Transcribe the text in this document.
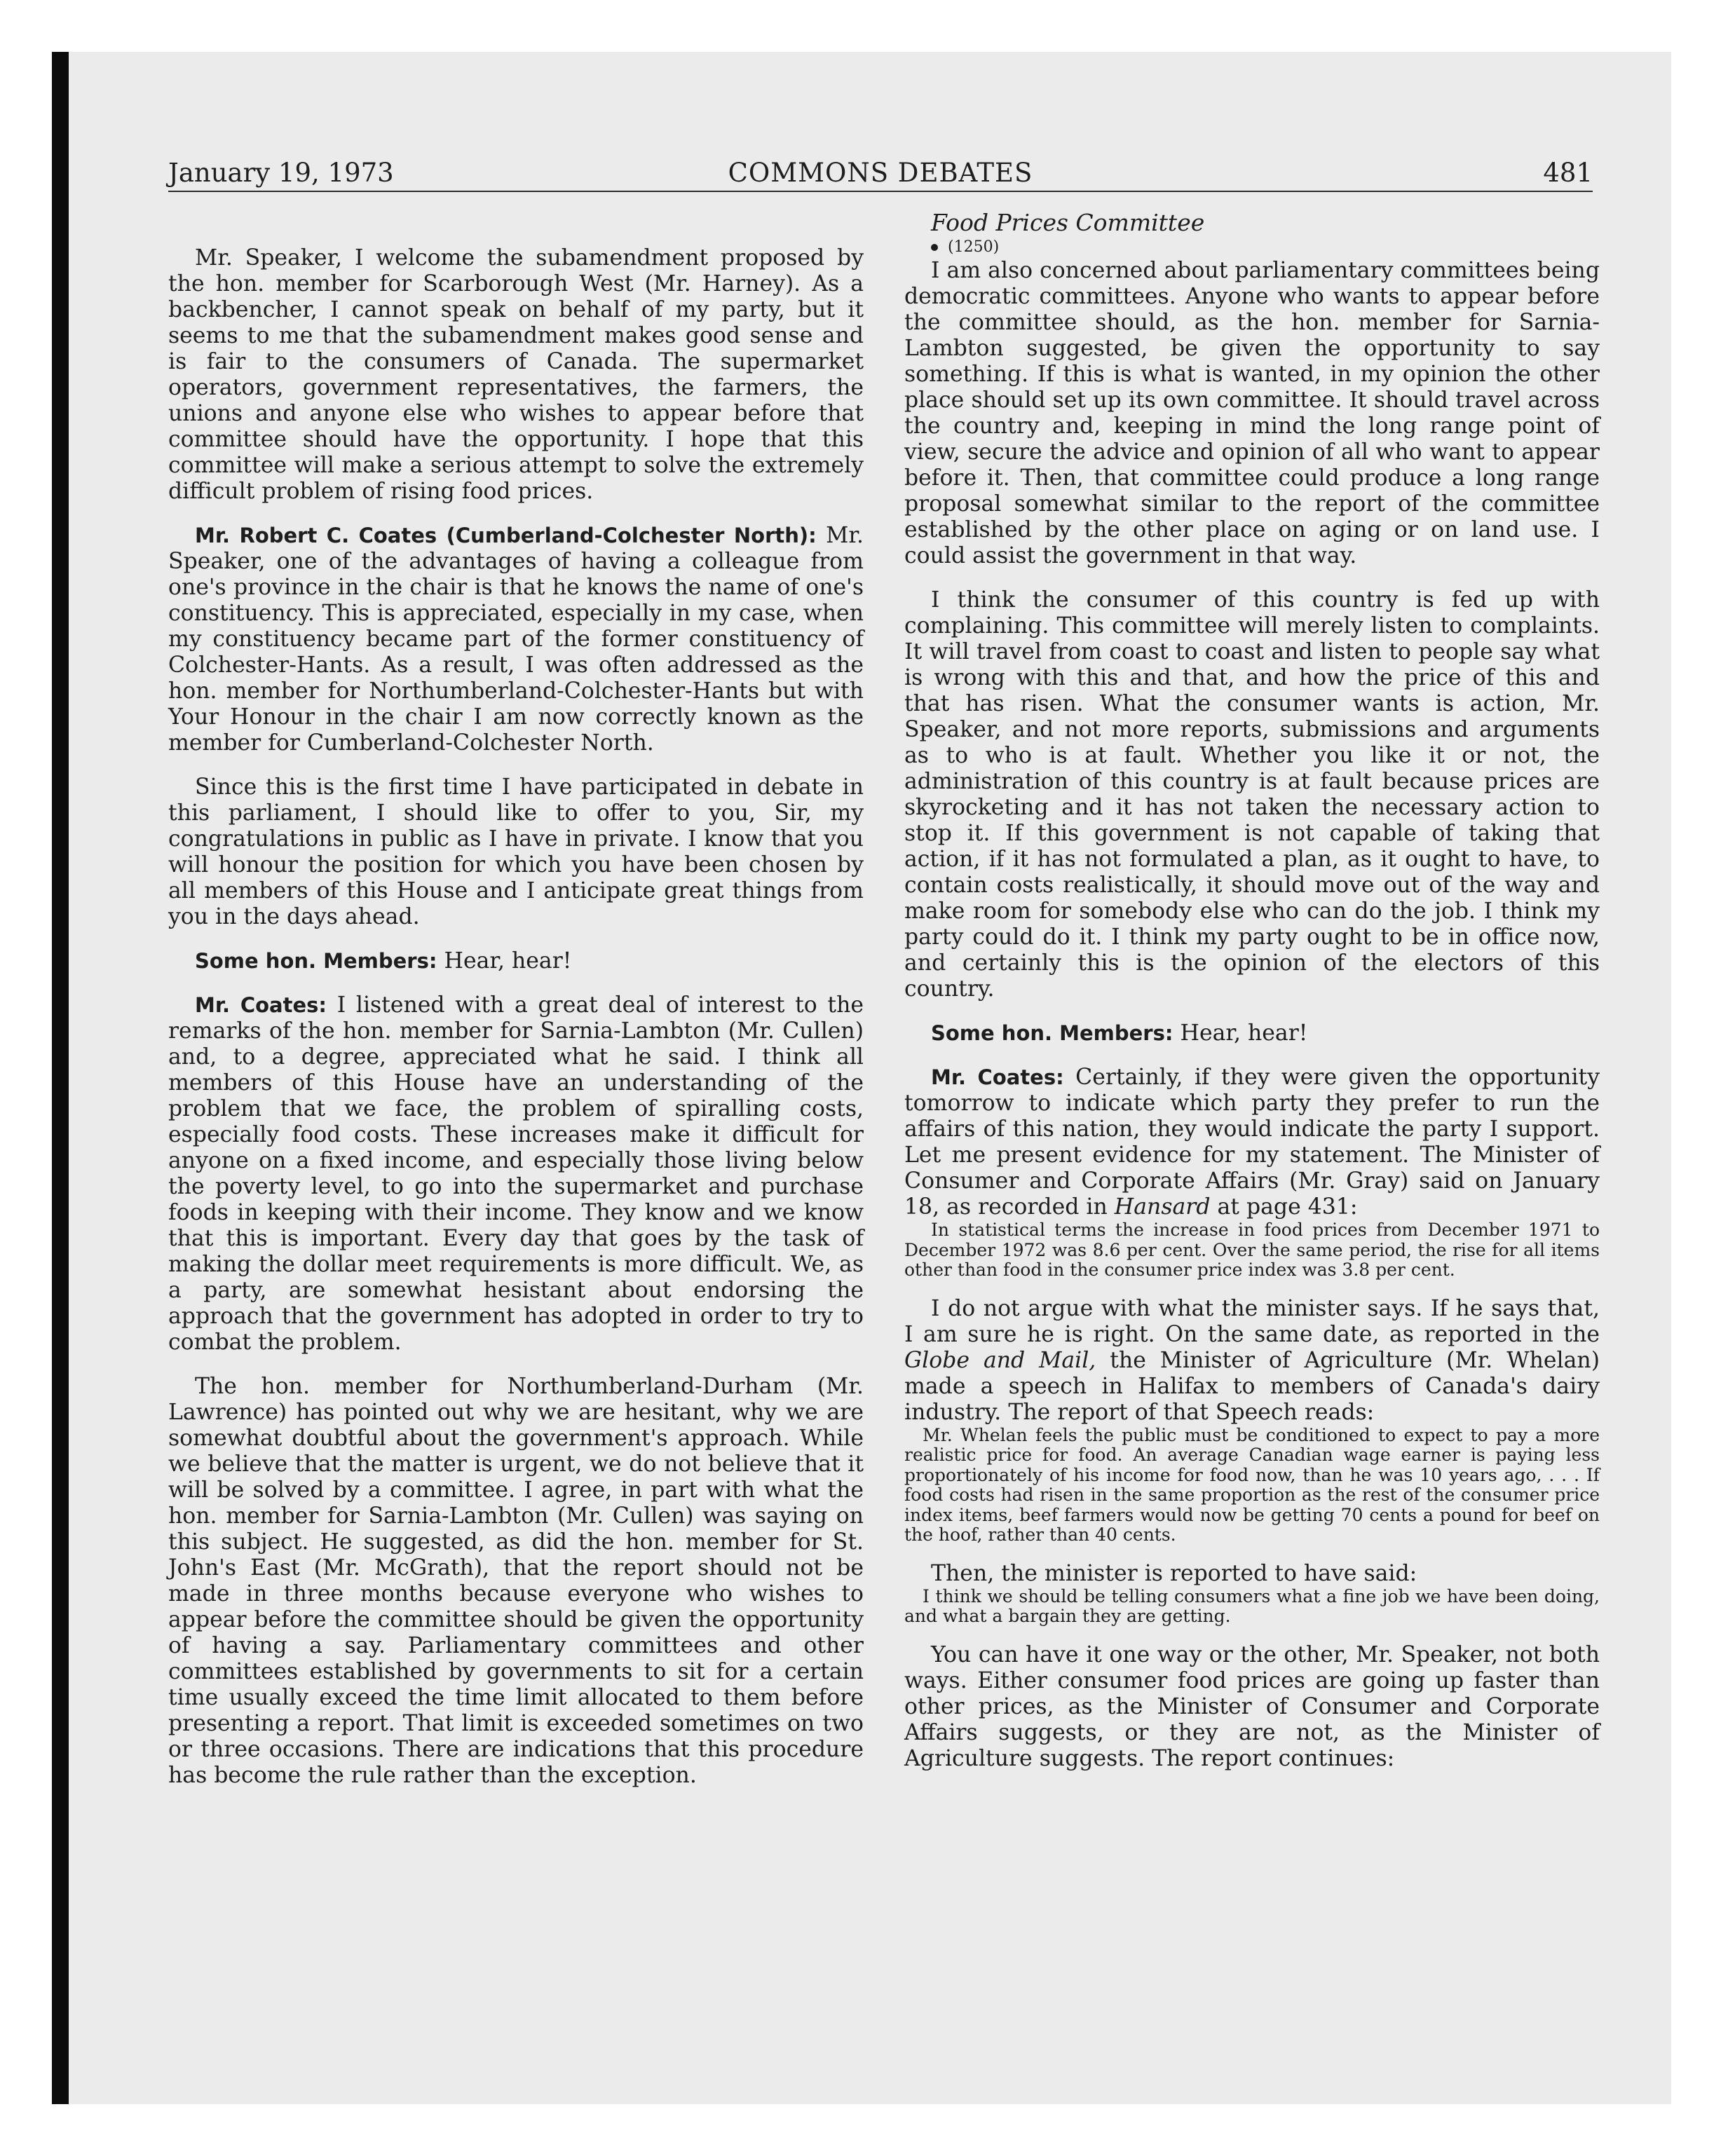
January 19, 1973	COMMONS DEBATES	481

Mr. Speaker, I welcome the subamendment proposed by the hon. member for Scarborough West (Mr. Harney). As a backbencher, I cannot speak on behalf of my party, but it seems to me that the subamendment makes good sense and is fair to the consumers of Canada. The supermarket operators, government representatives, the farmers, the unions and anyone else who wishes to appear before that committee should have the opportunity. I hope that this committee will make a serious attempt to solve the extremely difficult problem of rising food prices.

Mr. Robert C. Coates (Cumberland-Colchester North): Mr. Speaker, one of the advantages of having a colleague from one's province in the chair is that he knows the name of one's constituency. This is appreciated, especially in my case, when my constituency became part of the former constituency of Colchester-Hants. As a result, I was often addressed as the hon. member for Northumberland-Colchester-Hants but with Your Honour in the chair I am now correctly known as the member for Cumberland-Colchester North.

Since this is the first time I have participated in debate in this parliament, I should like to offer to you, Sir, my congratulations in public as I have in private. I know that you will honour the position for which you have been chosen by all members of this House and I anticipate great things from you in the days ahead.

Some hon. Members: Hear, hear!

Mr. Coates: I listened with a great deal of interest to the remarks of the hon. member for Sarnia-Lambton (Mr. Cullen) and, to a degree, appreciated what he said. I think all members of this House have an understanding of the problem that we face, the problem of spiralling costs, especially food costs. These increases make it difficult for anyone on a fixed income, and especially those living below the poverty level, to go into the supermarket and purchase foods in keeping with their income. They know and we know that this is important. Every day that goes by the task of making the dollar meet requirements is more difficult. We, as a party, are somewhat hesistant about endorsing the approach that the government has adopted in order to try to combat the problem.

The hon. member for Northumberland-Durham (Mr. Lawrence) has pointed out why we are hesitant, why we are somewhat doubtful about the government's approach. While we believe that the matter is urgent, we do not believe that it will be solved by a committee. I agree, in part with what the hon. member for Sarnia-Lambton (Mr. Cullen) was saying on this subject. He suggested, as did the hon. member for St. John's East (Mr. McGrath), that the report should not be made in three months because everyone who wishes to appear before the committee should be given the opportunity of having a say. Parliamentary committees and other committees established by governments to sit for a certain time usually exceed the time limit allocated to them before presenting a report. That limit is exceeded sometimes on two or three occasions. There are indications that this procedure has become the rule rather than the exception.

Food Prices Committee

(1250)

I am also concerned about parliamentary committees being democratic committees. Anyone who wants to appear before the committee should, as the hon. member for Sarnia-Lambton suggested, be given the opportunity to say something. If this is what is wanted, in my opinion the other place should set up its own committee. It should travel across the country and, keeping in mind the long range point of view, secure the advice and opinion of all who want to appear before it. Then, that committee could produce a long range proposal somewhat similar to the report of the committee established by the other place on aging or on land use. I could assist the government in that way.

I think the consumer of this country is fed up with complaining. This committee will merely listen to complaints. It will travel from coast to coast and listen to people say what is wrong with this and that, and how the price of this and that has risen. What the consumer wants is action, Mr. Speaker, and not more reports, submissions and arguments as to who is at fault. Whether you like it or not, the administration of this country is at fault because prices are skyrocketing and it has not taken the necessary action to stop it. If this government is not capable of taking that action, if it has not formulated a plan, as it ought to have, to contain costs realistically, it should move out of the way and make room for somebody else who can do the job. I think my party could do it. I think my party ought to be in office now, and certainly this is the opinion of the electors of this country.

Some hon. Members: Hear, hear!

Mr. Coates: Certainly, if they were given the opportunity tomorrow to indicate which party they prefer to run the affairs of this nation, they would indicate the party I support. Let me present evidence for my statement. The Minister of Consumer and Corporate Affairs (Mr. Gray) said on January 18, as recorded in Hansard at page 431:

In statistical terms the increase in food prices from December 1971 to December 1972 was 8.6 per cent. Over the same period, the rise for all items other than food in the consumer price index was 3.8 per cent.

I do not argue with what the minister says. If he says that, I am sure he is right. On the same date, as reported in the Globe and Mail, the Minister of Agriculture (Mr. Whelan) made a speech in Halifax to members of Canada's dairy industry. The report of that Speech reads:

Mr. Whelan feels the public must be conditioned to expect to pay a more realistic price for food. An average Canadian wage earner is paying less proportionately of his income for food now, than he was 10 years ago, . . . If food costs had risen in the same proportion as the rest of the consumer price index items, beef farmers would now be getting 70 cents a pound for beef on the hoof, rather than 40 cents.

Then, the minister is reported to have said:

I think we should be telling consumers what a fine job we have been doing, and what a bargain they are getting.

You can have it one way or the other, Mr. Speaker, not both ways. Either consumer food prices are going up faster than other prices, as the Minister of Consumer and Corporate Affairs suggests, or they are not, as the Minister of Agriculture suggests. The report continues:
